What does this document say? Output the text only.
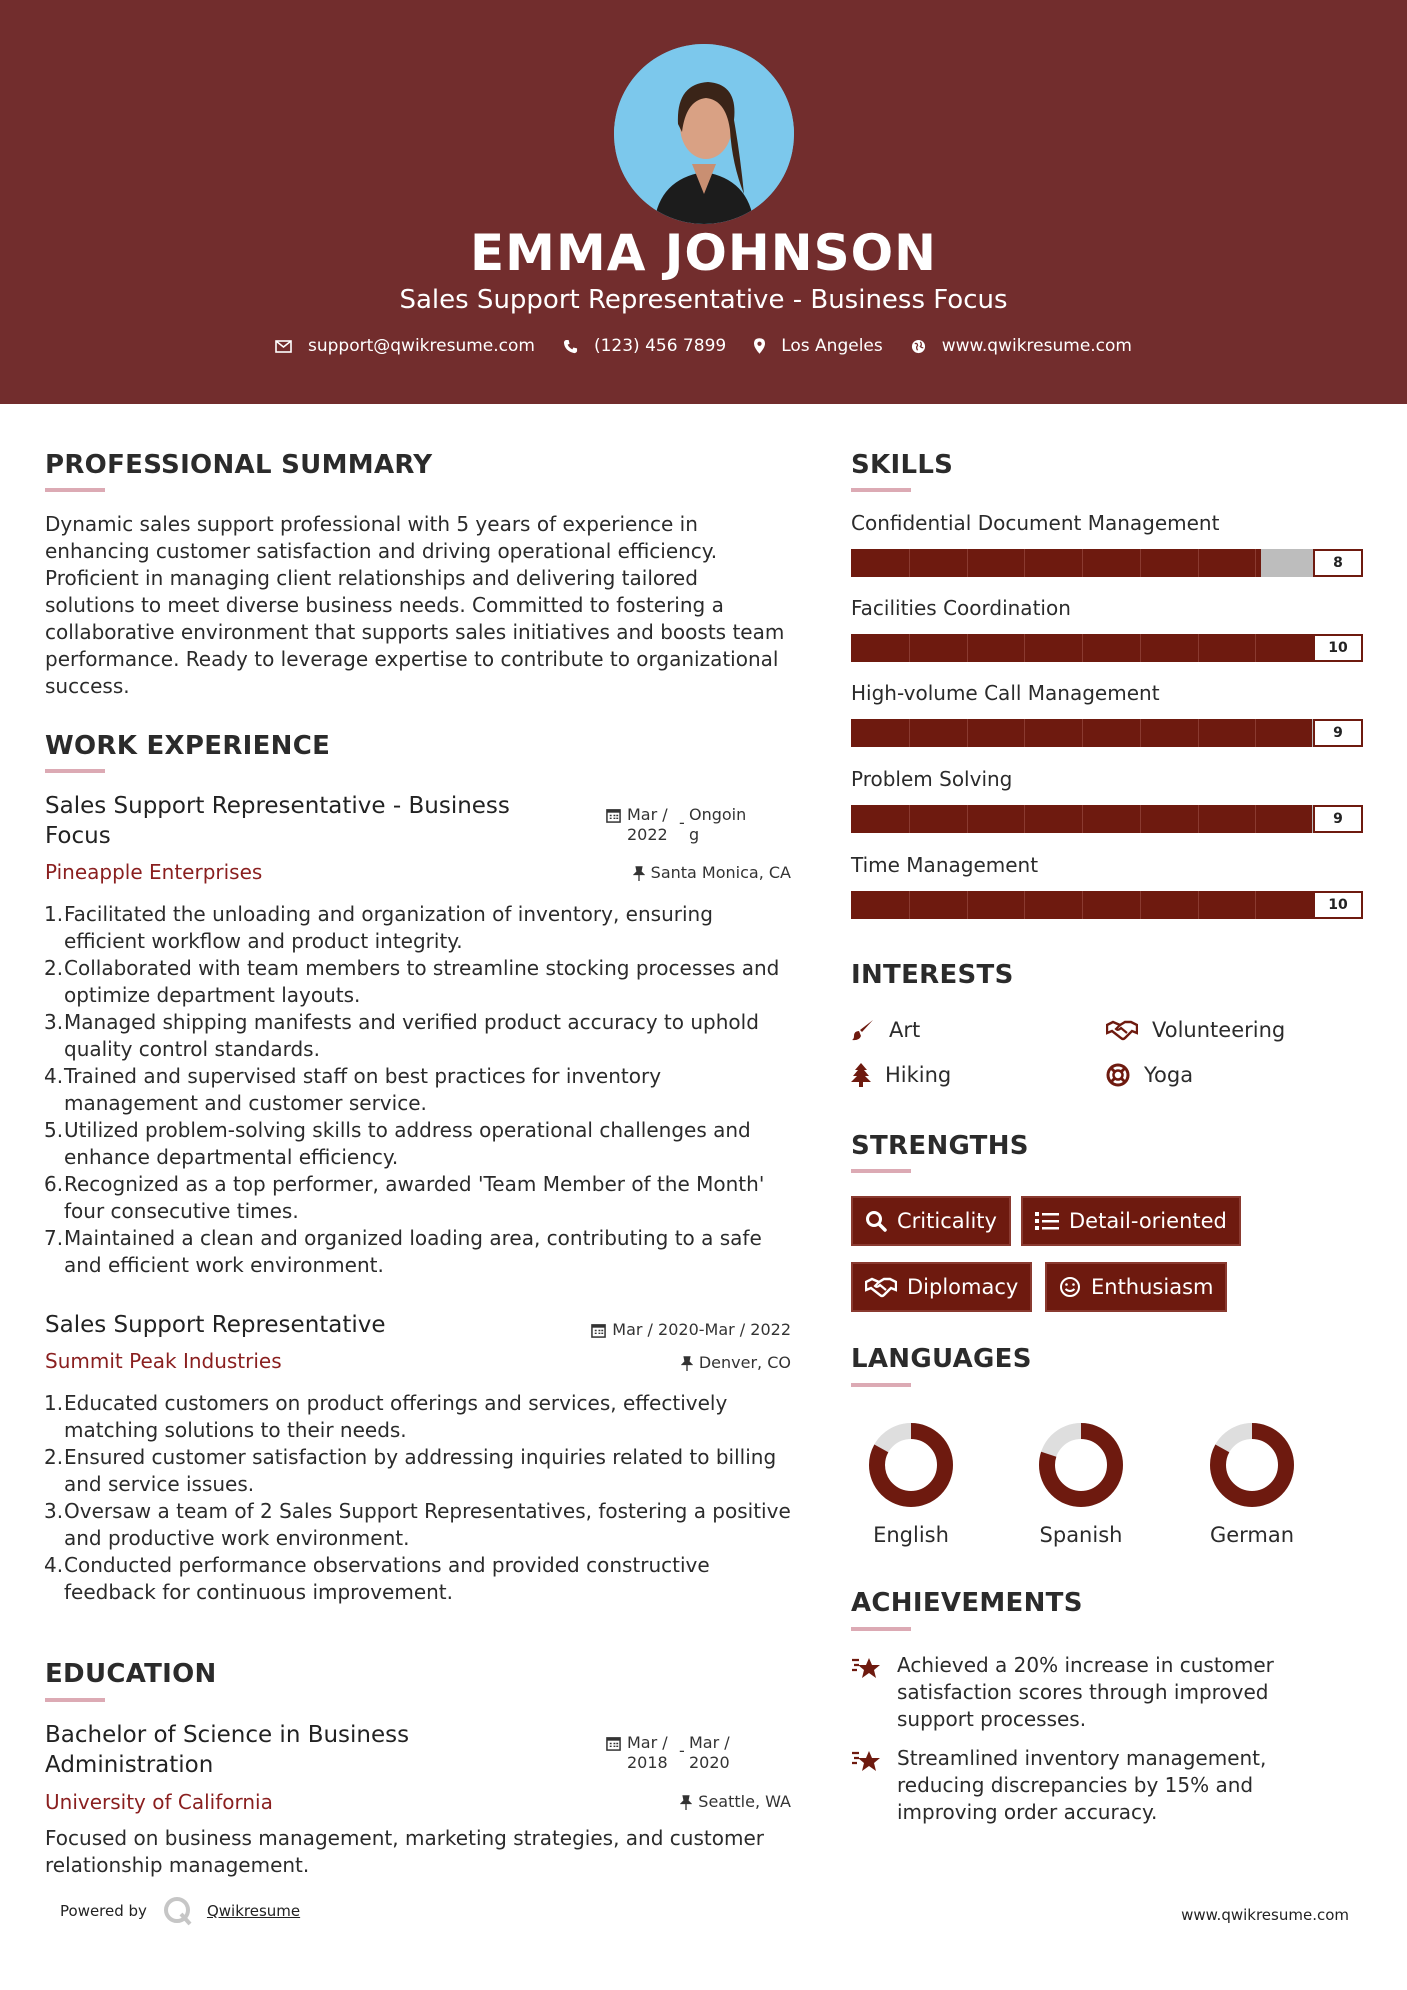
EMMA JOHNSON
Sales Support Representative - Business Focus
support@qwikresume.com	(123) 456 7899	Los Angeles	www.qwikresume.com
PROFESSIONAL SUMMARY
Dynamic sales support professional with 5 years of experience in enhancing customer satisfaction and driving operational efficiency. Proficient in managing client relationships and delivering tailored solutions to meet diverse business needs. Committed to fostering a collaborative environment that supports sales initiatives and boosts team performance. Ready to leverage expertise to contribute to organizational success.
WORK EXPERIENCE
Sales Support Representative - Business Focus
Mar / 2022
- Ongoing
Pineapple Enterprises	Santa Monica, CA
1. Facilitated the unloading and organization of inventory, ensuring efficient workflow and product integrity.
2. Collaborated with team members to streamline stocking processes and optimize department layouts.
3. Managed shipping manifests and verified product accuracy to uphold quality control standards.
4. Trained and supervised staff on best practices for inventory management and customer service.
5. Utilized problem-solving skills to address operational challenges and enhance departmental efficiency.
6. Recognized as a top performer, awarded 'Team Member of the Month' four consecutive times.
7. Maintained a clean and organized loading area, contributing to a safe and efficient work environment.
Sales Support Representative	Mar / 2020-Mar / 2022
Summit Peak Industries	Denver, CO
1. Educated customers on product offerings and services, effectively matching solutions to their needs.
2. Ensured customer satisfaction by addressing inquiries related to billing and service issues.
3. Oversaw a team of 2 Sales Support Representatives, fostering a positive and productive work environment.
4. Conducted performance observations and provided constructive feedback for continuous improvement.
EDUCATION
Bachelor of Science in Business Administration
Mar / 2018
- Mar / 2020
University of California	Seattle, WA
Focused on business management, marketing strategies, and customer relationship management.
SKILLS
Confidential Document Management
8
Facilities Coordination
10
High-volume Call Management
9
Problem Solving
9
Time Management
10
INTERESTS
Art	Volunteering
Hiking	Yoga
STRENGTHS
Criticality	Detail-oriented
Diplomacy	Enthusiasm
LANGUAGES
English	Spanish	German
ACHIEVEMENTS
Achieved a 20% increase in customer satisfaction scores through improved support processes.
Streamlined inventory management, reducing discrepancies by 15% and improving order accuracy.
Powered by	Qwikresume	www.qwikresume.com
